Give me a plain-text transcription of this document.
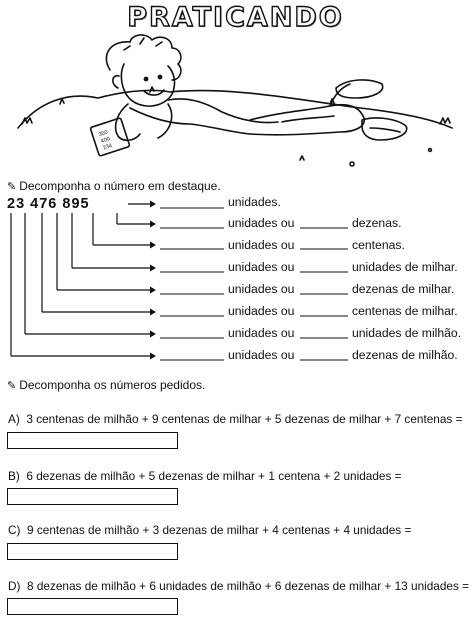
PRATICANDO
350
400
234
✎ Decomponha o número em destaque.
23 476 895	unidades.
unidades ou	dezenas.
unidades ou	centenas.
unidades ou	unidades de milhar.
unidades ou	dezenas de milhar.
unidades ou	centenas de milhar.
unidades ou	unidades de milhão.
unidades ou	dezenas de milhão.
✎ Decomponha os números pedidos.
A) 3 centenas de milhão + 9 centenas de milhar + 5 dezenas de milhar + 7 centenas =
B) 6 dezenas de milhão + 5 dezenas de milhar + 1 centena + 2 unidades =
C) 9 centenas de milhão + 3 dezenas de milhar + 4 centenas + 4 unidades =
D) 8 dezenas de milhão + 6 unidades de milhão + 6 dezenas de milhar + 13 unidades =
